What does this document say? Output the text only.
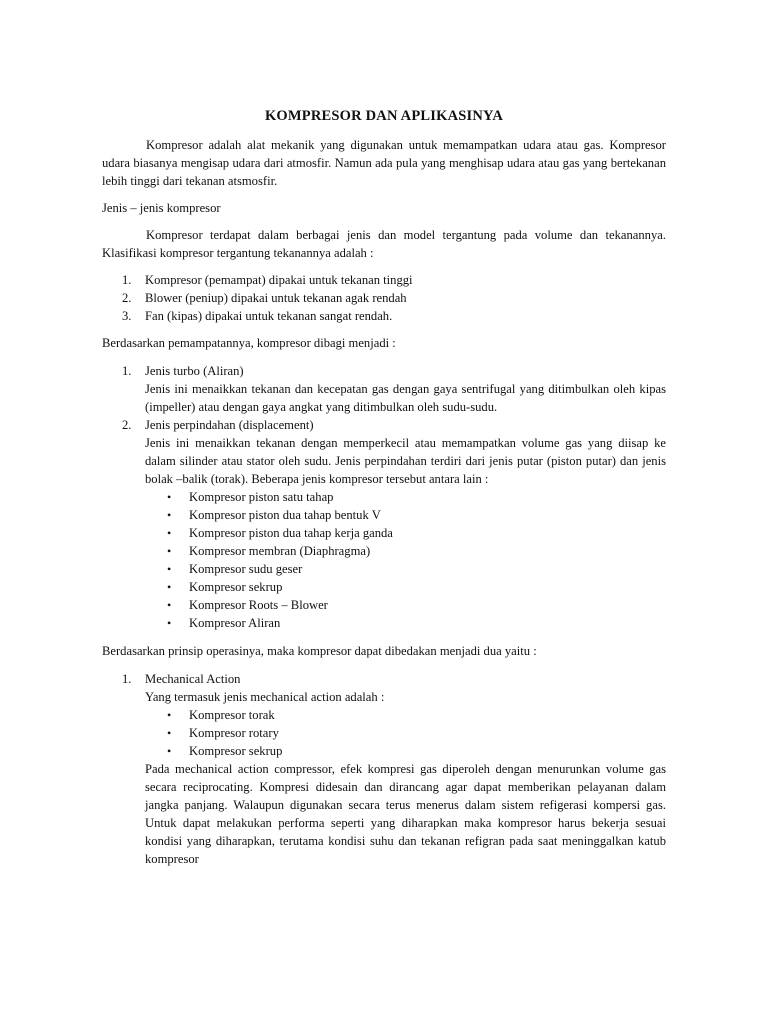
KOMPRESOR DAN APLIKASINYA

Kompresor adalah alat mekanik yang digunakan untuk memampatkan udara atau gas. Kompresor udara biasanya mengisap udara dari atmosfir. Namun ada pula yang menghisap udara atau gas yang bertekanan lebih tinggi dari tekanan atsmosfir.

Jenis – jenis kompresor

Kompresor terdapat dalam berbagai jenis dan model tergantung pada volume dan tekanannya. Klasifikasi kompresor tergantung tekanannya adalah :

1. Kompresor (pemampat) dipakai untuk tekanan tinggi
2. Blower (peniup) dipakai untuk tekanan agak rendah
3. Fan (kipas) dipakai untuk tekanan sangat rendah.

Berdasarkan pemampatannya, kompresor dibagi menjadi :

1. Jenis turbo (Aliran)

Jenis ini menaikkan tekanan dan kecepatan gas dengan gaya sentrifugal yang ditimbulkan oleh kipas (impeller) atau dengan gaya angkat yang ditimbulkan oleh sudu-sudu.

2. Jenis perpindahan (displacement)

Jenis ini menaikkan tekanan dengan memperkecil atau memampatkan volume gas yang diisap ke dalam silinder atau stator oleh sudu. Jenis perpindahan terdiri dari jenis putar (piston putar) dan jenis bolak –balik (torak). Beberapa jenis kompresor tersebut antara lain :

• Kompresor piston satu tahap
• Kompresor piston dua tahap bentuk V
• Kompresor piston dua tahap kerja ganda
• Kompresor membran (Diaphragma)
• Kompresor sudu geser
• Kompresor sekrup
• Kompresor Roots – Blower
• Kompresor Aliran

Berdasarkan prinsip operasinya, maka kompresor dapat dibedakan menjadi dua yaitu :

1. Mechanical Action
Yang termasuk jenis mechanical action adalah :
• Kompresor torak
• Kompresor rotary
• Kompresor sekrup

Pada mechanical action compressor, efek kompresi gas diperoleh dengan menurunkan volume gas secara reciprocating. Kompresi didesain dan dirancang agar dapat memberikan pelayanan dalam jangka panjang. Walaupun digunakan secara terus menerus dalam sistem refigerasi kompersi gas. Untuk dapat melakukan performa seperti yang diharapkan maka kompresor harus bekerja sesuai kondisi yang diharapkan, terutama kondisi suhu dan tekanan refigran pada saat meninggalkan katub kompresor
